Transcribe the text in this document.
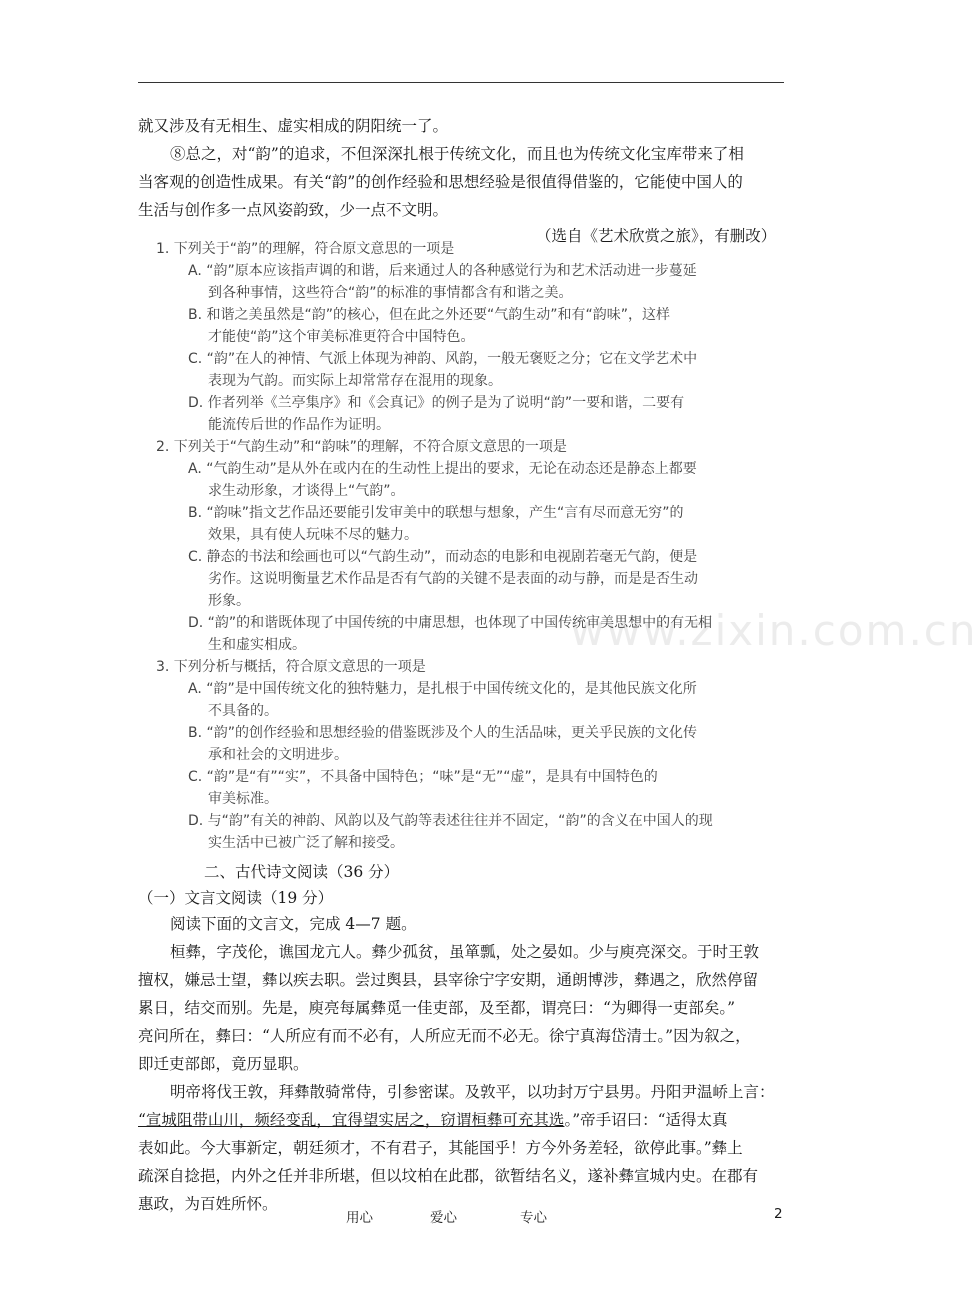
就又涉及有无相生、虚实相成的阴阳统一了。
⑧总之，对“韵”的追求，不但深深扎根于传统文化，而且也为传统文化宝库带来了相
当客观的创造性成果。有关“韵”的创作经验和思想经验是很值得借鉴的，它能使中国人的
生活与创作多一点风姿韵致，少一点不文明。
（选自《艺术欣赏之旅》，有删改）
www.zixin.com.cn
1. 下列关于“韵”的理解，符合原文意思的一项是
A. “韵”原本应该指声调的和谐，后来通过人的各种感觉行为和艺术活动进一步蔓延
到各种事情，这些符合“韵”的标准的事情都含有和谐之美。
B. 和谐之美虽然是“韵”的核心，但在此之外还要“气韵生动”和有“韵味”，这样
才能使“韵”这个审美标准更符合中国特色。
C. “韵”在人的神情、气派上体现为神韵、风韵，一般无褒贬之分；它在文学艺术中
表现为气韵。而实际上却常常存在混用的现象。
D. 作者列举《兰亭集序》和《会真记》的例子是为了说明“韵”一要和谐，二要有
能流传后世的作品作为证明。
2. 下列关于“气韵生动”和“韵味”的理解，不符合原文意思的一项是
A. “气韵生动”是从外在或内在的生动性上提出的要求，无论在动态还是静态上都要
求生动形象，才谈得上“气韵”。
B. “韵味”指文艺作品还要能引发审美中的联想与想象，产生“言有尽而意无穷”的
效果，具有使人玩味不尽的魅力。
C. 静态的书法和绘画也可以“气韵生动”，而动态的电影和电视剧若毫无气韵，便是
劣作。这说明衡量艺术作品是否有气韵的关键不是表面的动与静，而是是否生动
形象。
D. “韵”的和谐既体现了中国传统的中庸思想，也体现了中国传统审美思想中的有无相
生和虚实相成。
3. 下列分析与概括，符合原文意思的一项是
A. “韵”是中国传统文化的独特魅力，是扎根于中国传统文化的，是其他民族文化所
不具备的。
B. “韵”的创作经验和思想经验的借鉴既涉及个人的生活品味，更关乎民族的文化传
承和社会的文明进步。
C. “韵”是“有”“实”，不具备中国特色；“味”是“无”“虚”，是具有中国特色的
审美标准。
D. 与“韵”有关的神韵、风韵以及气韵等表述往往并不固定，“韵”的含义在中国人的现
实生活中已被广泛了解和接受。
二、古代诗文阅读（36 分）
（一）文言文阅读（19 分）
阅读下面的文言文，完成 4—7 题。
桓彝，字茂伦，谯国龙亢人。彝少孤贫，虽箪瓢，处之晏如。少与庾亮深交。于时王敦
擅权，嫌忌士望，彝以疾去职。尝过舆县，县宰徐宁字安期，通朗博涉，彝遇之，欣然停留
累日，结交而别。先是，庾亮每属彝觅一佳吏部，及至都，谓亮曰：“为卿得一吏部矣。”
亮问所在，彝曰：“人所应有而不必有，人所应无而不必无。徐宁真海岱清士。”因为叙之，
即迁吏部郎，竟历显职。
明帝将伐王敦，拜彝散骑常侍，引参密谋。及敦平，以功封万宁县男。丹阳尹温峤上言：
“宣城阻带山川，频经变乱，宜得望实居之，窃谓桓彝可充其选。”帝手诏曰：“适得太真
表如此。今大事新定，朝廷须才，不有君子，其能国乎！方今外务差轻，欲停此事。”彝上
疏深自捻挹，内外之任并非所堪，但以坟柏在此郡，欲暂结名义，遂补彝宣城内史。在郡有
惠政，为百姓所怀。
用心	爱心	专心	2
